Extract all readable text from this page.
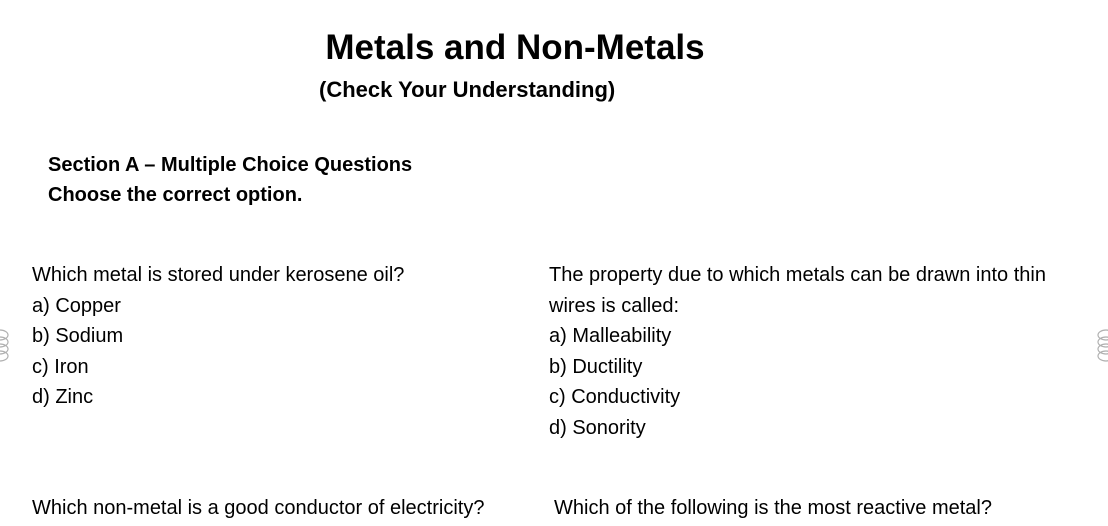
Metals and Non-Metals
(Check Your Understanding)
Section A – Multiple Choice Questions
Choose the correct option.
Which metal is stored under kerosene oil?
a) Copper
b) Sodium
c) Iron
d) Zinc
The property due to which metals can be drawn into thin
wires is called:
a) Malleability
b) Ductility
c) Conductivity
d) Sonority
Which non-metal is a good conductor of electricity?	Which of the following is the most reactive metal?
